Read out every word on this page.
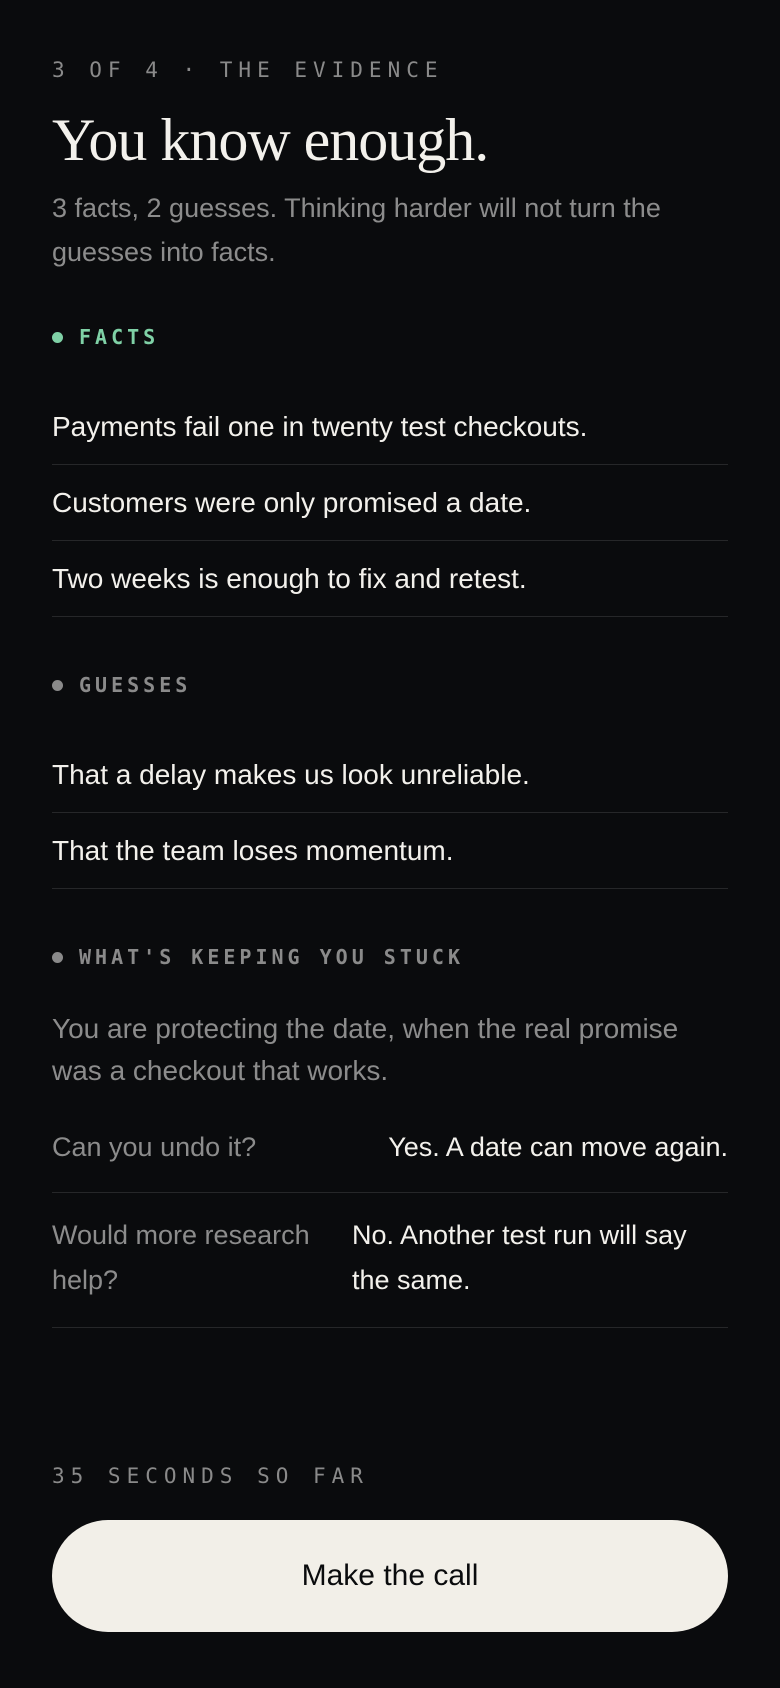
3 OF 4 · THE EVIDENCE
You know enough.

3 facts, 2 guesses. Thinking harder will not turn the guesses into facts.

FACTS
Payments fail one in twenty test checkouts.
Customers were only promised a date.
Two weeks is enough to fix and retest.
GUESSES
That a delay makes us look unreliable.
That the team loses momentum.
WHAT'S KEEPING YOU STUCK

You are protecting the date, when the real promise was a checkout that works.

Can you undo it?	Yes. A date can move again.
Would more research help?
No. Another test run will say the same.
35 SECONDS SO FAR
Make the call
